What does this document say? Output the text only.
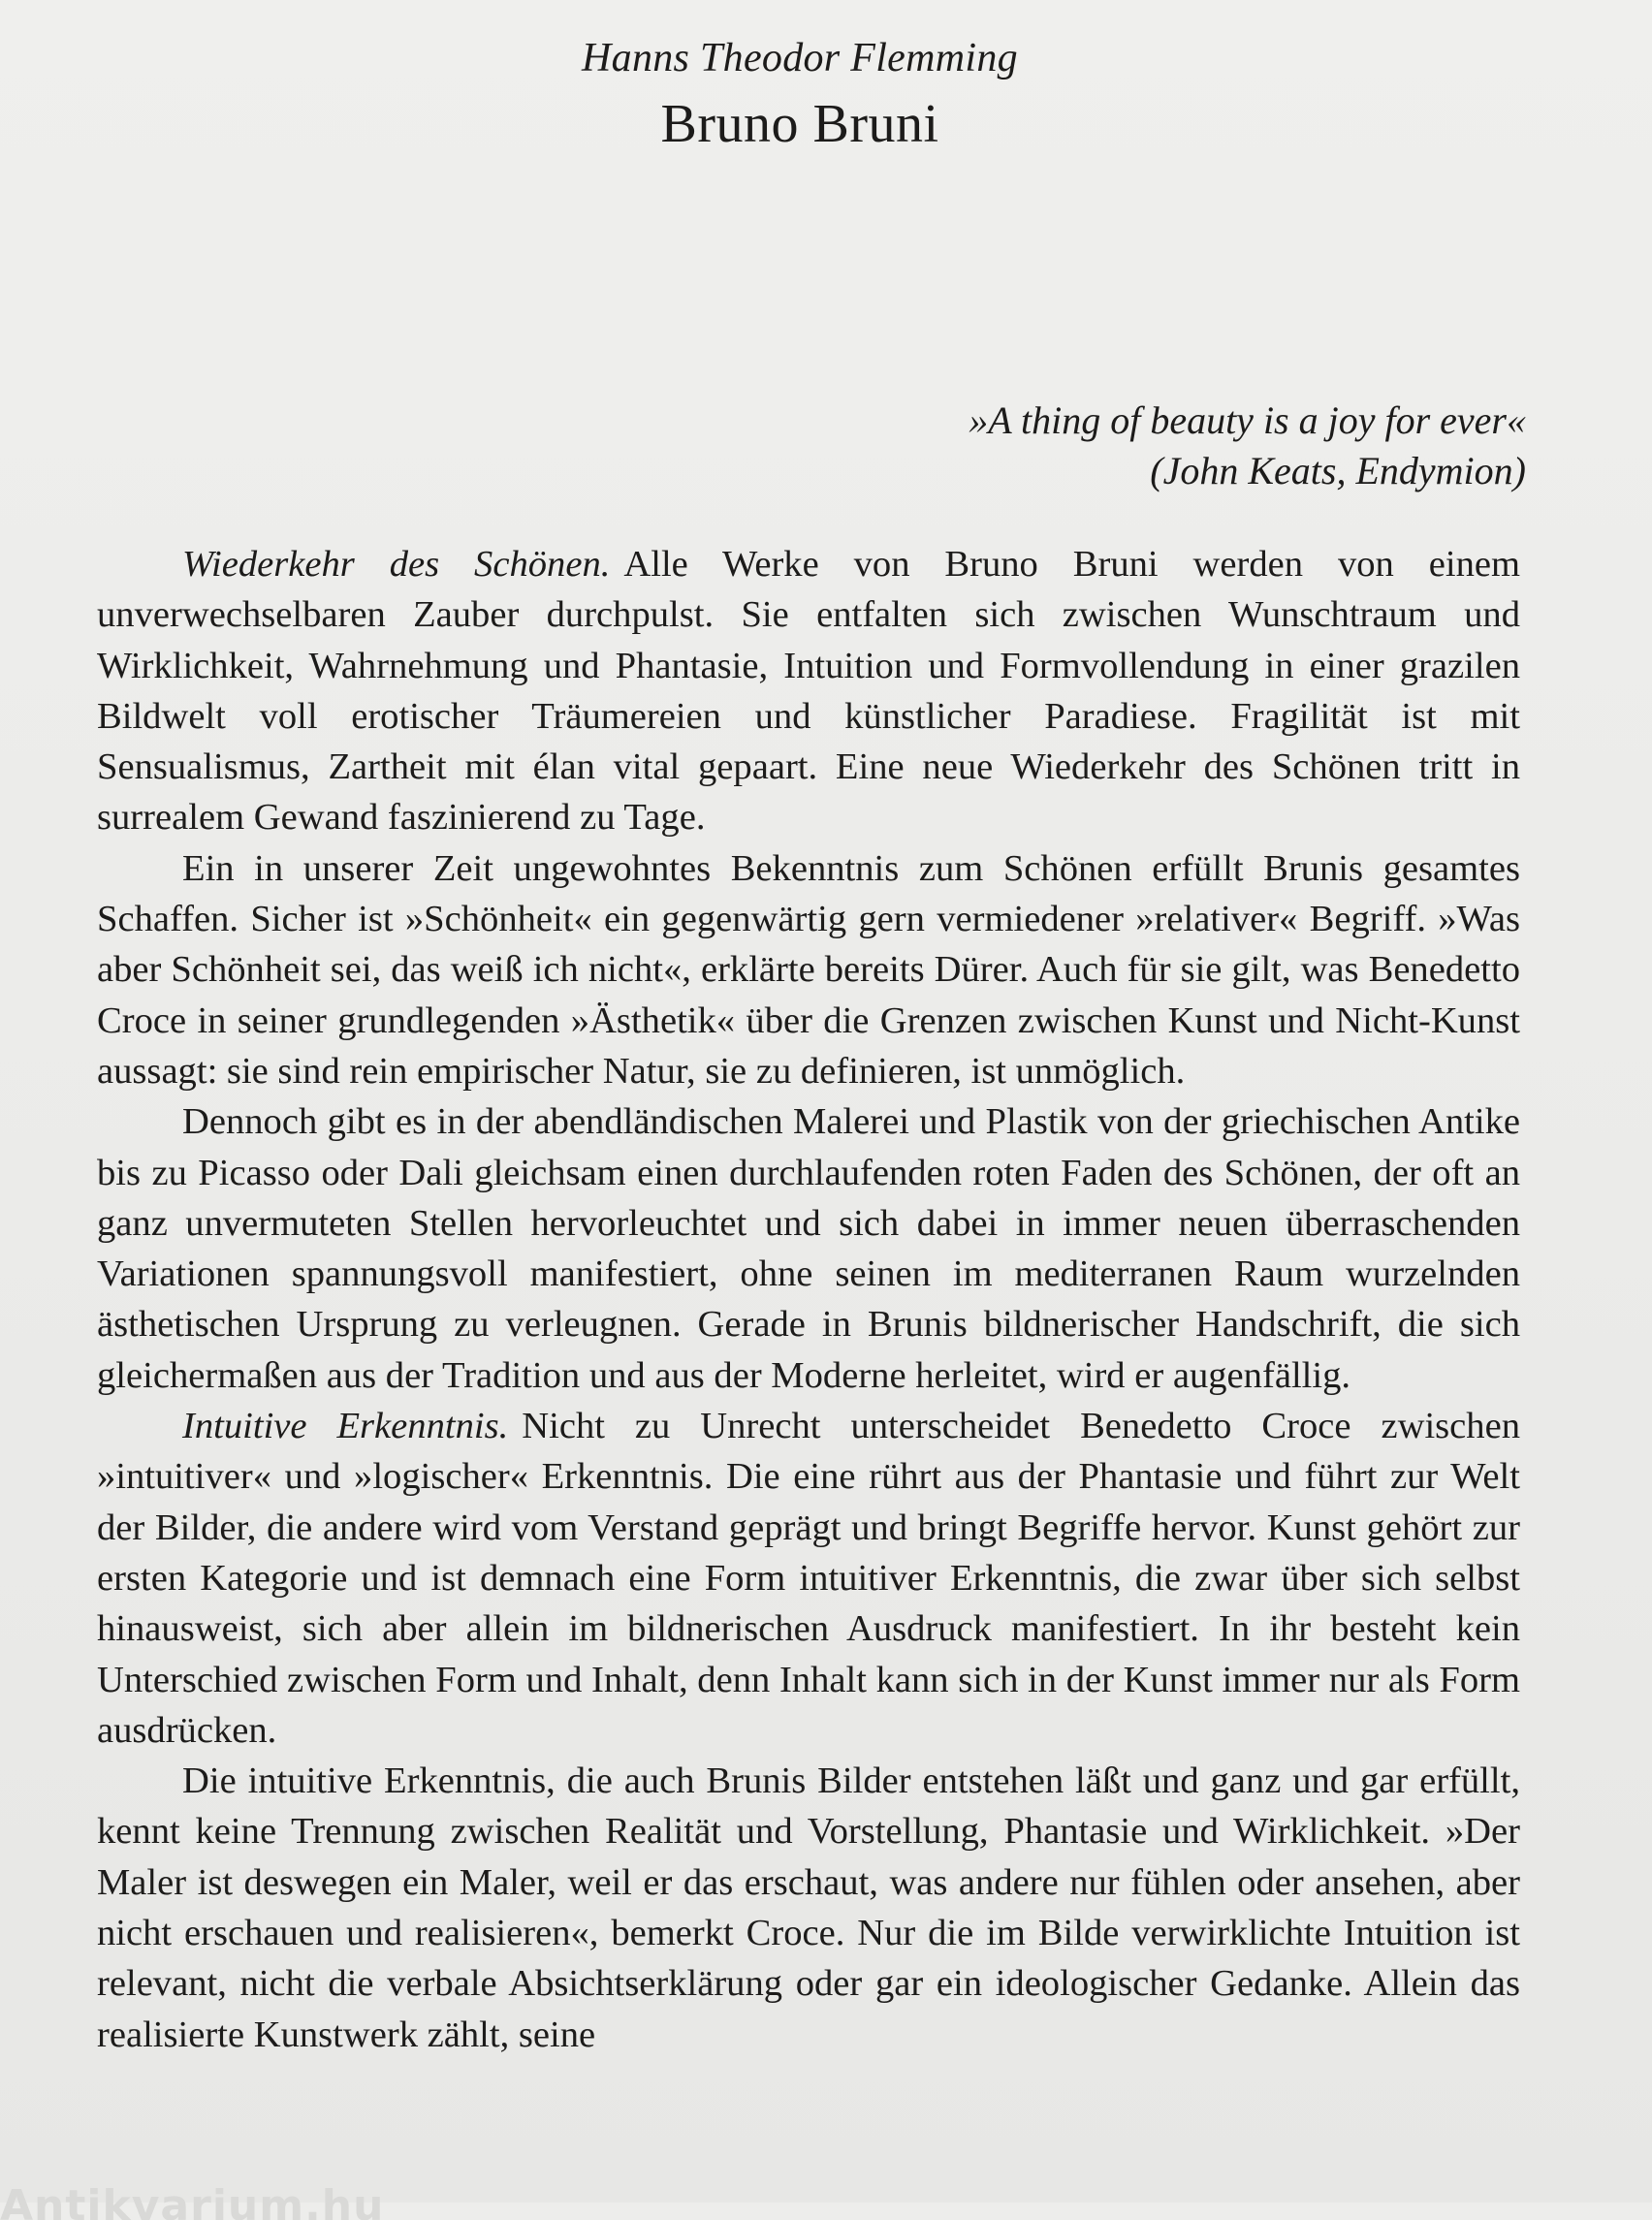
Hanns Theodor Flemming
Bruno Bruni
»A thing of beauty is a joy for ever«
(John Keats, Endymion)

Wiederkehr des Schönen. Alle Werke von Bruno Bruni werden von einem unverwechselbaren Zauber durchpulst. Sie entfalten sich zwischen Wunschtraum und Wirklichkeit, Wahrnehmung und Phantasie, Intuition und Formvollendung in einer grazilen Bildwelt voll erotischer Träumereien und künstlicher Paradiese. Fragilität ist mit Sensualismus, Zartheit mit élan vital gepaart. Eine neue Wiederkehr des Schönen tritt in surrealem Gewand faszinierend zu Tage.

Ein in unserer Zeit ungewohntes Bekenntnis zum Schönen erfüllt Brunis gesamtes Schaffen. Sicher ist »Schönheit« ein gegenwärtig gern vermiedener »relativer« Begriff. »Was aber Schönheit sei, das weiß ich nicht«, erklärte bereits Dürer. Auch für sie gilt, was Benedetto Croce in seiner grundlegenden »Ästhetik« über die Grenzen zwischen Kunst und Nicht-Kunst aussagt: sie sind rein empirischer Natur, sie zu definieren, ist unmöglich.

Dennoch gibt es in der abendländischen Malerei und Plastik von der griechischen Antike bis zu Picasso oder Dali gleichsam einen durchlaufenden roten Faden des Schönen, der oft an ganz unvermuteten Stellen hervorleuchtet und sich dabei in immer neuen überraschenden Variationen spannungsvoll manifestiert, ohne seinen im mediterranen Raum wurzelnden ästhetischen Ursprung zu verleugnen. Gerade in Brunis bildnerischer Handschrift, die sich gleichermaßen aus der Tradition und aus der Moderne herleitet, wird er augenfällig.

Intuitive Erkenntnis. Nicht zu Unrecht unterscheidet Benedetto Croce zwischen »intuitiver« und »logischer« Erkenntnis. Die eine rührt aus der Phantasie und führt zur Welt der Bilder, die andere wird vom Verstand geprägt und bringt Begriffe hervor. Kunst gehört zur ersten Kategorie und ist demnach eine Form intuitiver Erkenntnis, die zwar über sich selbst hinausweist, sich aber allein im bildnerischen Ausdruck manifestiert. In ihr besteht kein Unterschied zwischen Form und Inhalt, denn Inhalt kann sich in der Kunst immer nur als Form ausdrücken.

Die intuitive Erkenntnis, die auch Brunis Bilder entstehen läßt und ganz und gar erfüllt, kennt keine Trennung zwischen Realität und Vorstellung, Phantasie und Wirklichkeit. »Der Maler ist deswegen ein Maler, weil er das erschaut, was andere nur fühlen oder ansehen, aber nicht erschauen und realisieren«, bemerkt Croce. Nur die im Bilde verwirklichte Intuition ist relevant, nicht die verbale Absichtserklärung oder gar ein ideologischer Gedanke. Allein das realisierte Kunstwerk zählt, seine

Antikvarium.hu
